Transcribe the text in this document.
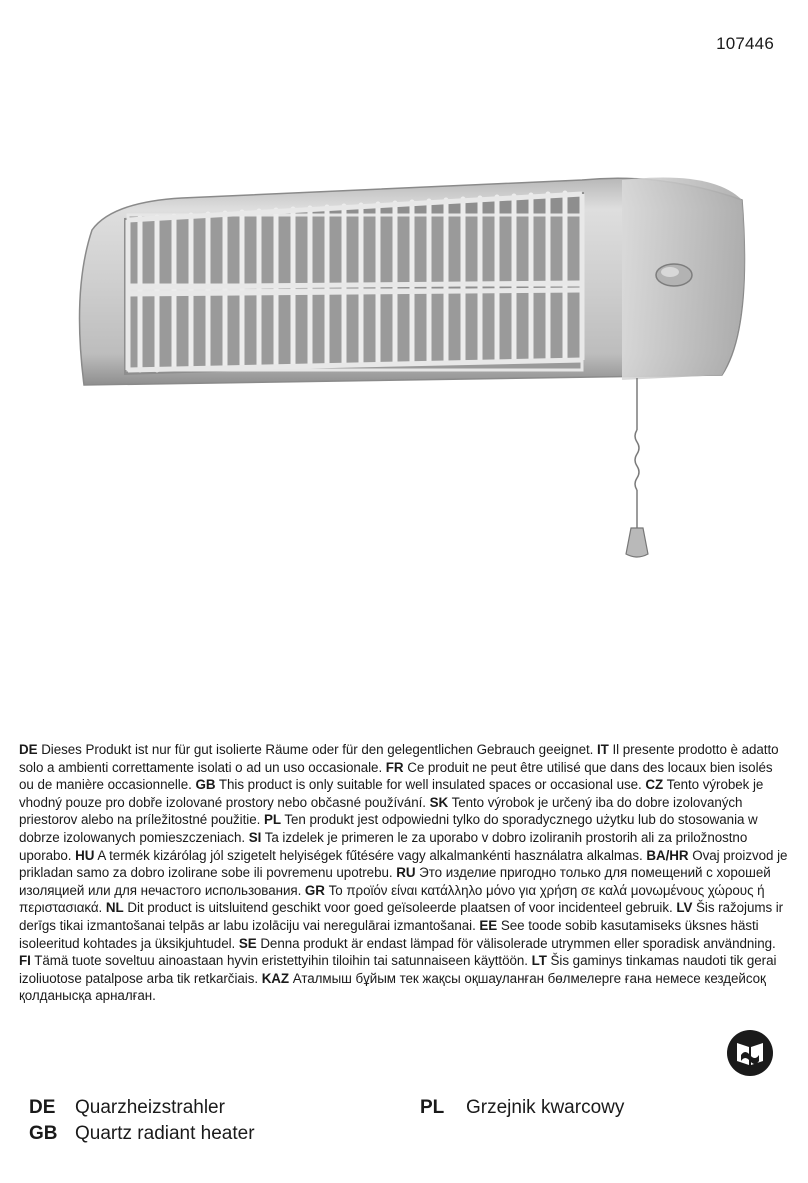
107446
DE Dieses Produkt ist nur für gut isolierte Räume oder für den gelegentlichen Gebrauch geeignet. IT Il presente prodotto è adatto solo a ambienti correttamente isolati o ad un uso occasionale. FR Ce produit ne peut être utilisé que dans des locaux bien isolés ou de manière occasionnelle. GB This product is only suitable for well insulated spaces or occasional use. CZ Tento výrobek je vhodný pouze pro dobře izolované prostory nebo občasné používání. SK Tento výrobok je určený iba do dobre izolovaných priestorov alebo na príležitostné použitie. PL Ten produkt jest odpowiedni tylko do sporadycznego użytku lub do stosowania w dobrze izolowanych pomieszczeniach. SI Ta izdelek je primeren le za uporabo v dobro izoliranih prostorih ali za priložnostno uporabo. HU A termék kizárólag jól szigetelt helyiségek fűtésére vagy alkalmankénti használatra alkalmas. BA/HR Ovaj proizvod je prikladan samo za dobro izolirane sobe ili povremenu upotrebu. RU Это изделие пригодно только для помещений с хорошей изоляцией или для нечастого использования. GR Το προϊόν είναι κατάλληλο μόνο για χρήση σε καλά μονωμένους χώρους ή περιστασιακά. NL Dit product is uitsluitend geschikt voor goed geïsoleerde plaatsen of voor incidenteel gebruik. LV Šis ražojums ir derīgs tikai izmantošanai telpās ar labu izolāciju vai neregulārai izmantošanai. EE See toode sobib kasutamiseks üksnes hästi isoleeritud kohtades ja üksikjuhtudel. SE Denna produkt är endast lämpad för välisolerade utrymmen eller sporadisk användning. FI Tämä tuote soveltuu ainoastaan hyvin eristettyihin tiloihin tai satunnaiseen käyttöön. LT Šis gaminys tinkamas naudoti tik gerai izoliuotose patalpose arba tik retkarčiais. KAZ Аталмыш бұйым тек жақсы оқшауланған бөлмелерге ғана немесе кездейсоқ қолданысқа арналған.
DE	Quarzheizstrahler
GB Quartz radiant heater
PL	Grzejnik kwarcowy
